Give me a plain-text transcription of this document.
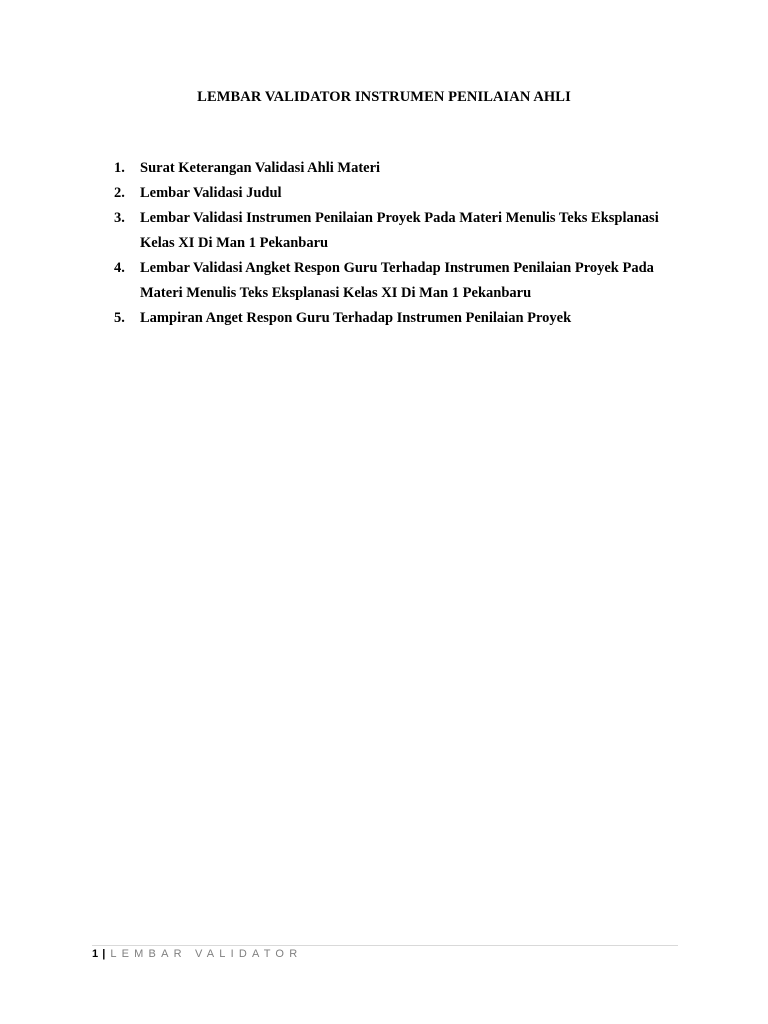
LEMBAR VALIDATOR INSTRUMEN PENILAIAN AHLI
1. Surat Keterangan Validasi Ahli Materi
2. Lembar Validasi Judul
3. Lembar Validasi Instrumen Penilaian Proyek Pada Materi Menulis Teks Eksplanasi Kelas XI Di Man 1 Pekanbaru
4. Lembar Validasi Angket Respon Guru Terhadap Instrumen Penilaian Proyek Pada Materi Menulis Teks Eksplanasi Kelas XI Di Man 1 Pekanbaru
5. Lampiran Anget Respon Guru Terhadap Instrumen Penilaian Proyek
1 | LEMBAR VALIDATOR
